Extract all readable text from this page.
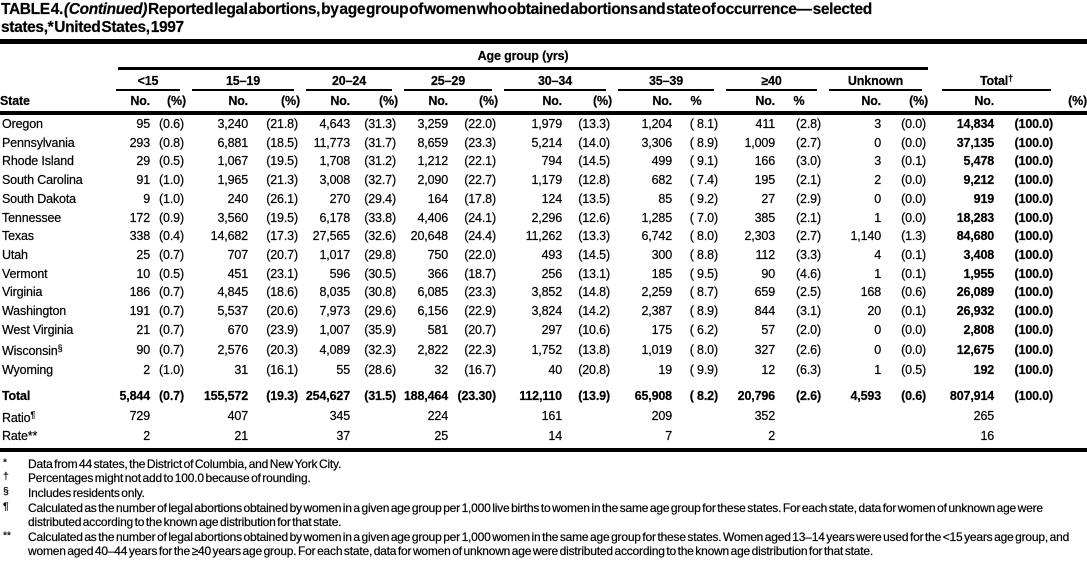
TABLE 4. (Continued) Reported legal abortions, by age group of women who obtained abortions and state of occurrence— selected
states,* United States, 1997

	Age group (yrs)																	

	<15		15–19		20–24		25–29		30–34		35–39		≥40		Unknown		Total†

State	No.	(%)	No.	(%)	No.	(%)	No.	(%)	No.	(%)	No.	%	No.	%	No.	(%)	No.	(%)
Oregon	95	(0.6)	3,240	(21.8)	4,643	(31.3)	3,259	(22.0)	1,979	(13.3)	1,204	( 8.1)	411	(2.8)	3	(0.0)	14,834	(100.0)
Pennsylvania	293	(0.8)	6,881	(18.5)	11,773	(31.7)	8,659	(23.3)	5,214	(14.0)	3,306	( 8.9)	1,009	(2.7)	0	(0.0)	37,135	(100.0)
Rhode Island	29	(0.5)	1,067	(19.5)	1,708	(31.2)	1,212	(22.1)	794	(14.5)	499	( 9.1)	166	(3.0)	3	(0.1)	5,478	(100.0)
South Carolina	91	(1.0)	1,965	(21.3)	3,008	(32.7)	2,090	(22.7)	1,179	(12.8)	682	( 7.4)	195	(2.1)	2	(0.0)	9,212	(100.0)
South Dakota	9	(1.0)	240	(26.1)	270	(29.4)	164	(17.8)	124	(13.5)	85	( 9.2)	27	(2.9)	0	(0.0)	919	(100.0)
Tennessee	172	(0.9)	3,560	(19.5)	6,178	(33.8)	4,406	(24.1)	2,296	(12.6)	1,285	( 7.0)	385	(2.1)	1	(0.0)	18,283	(100.0)
Texas	338	(0.4)	14,682	(17.3)	27,565	(32.6)	20,648	(24.4)	11,262	(13.3)	6,742	( 8.0)	2,303	(2.7)	1,140	(1.3)	84,680	(100.0)
Utah	25	(0.7)	707	(20.7)	1,017	(29.8)	750	(22.0)	493	(14.5)	300	( 8.8)	112	(3.3)	4	(0.1)	3,408	(100.0)
Vermont	10	(0.5)	451	(23.1)	596	(30.5)	366	(18.7)	256	(13.1)	185	( 9.5)	90	(4.6)	1	(0.1)	1,955	(100.0)
Virginia	186	(0.7)	4,845	(18.6)	8,035	(30.8)	6,085	(23.3)	3,852	(14.8)	2,259	( 8.7)	659	(2.5)	168	(0.6)	26,089	(100.0)
Washington	191	(0.7)	5,537	(20.6)	7,973	(29.6)	6,156	(22.9)	3,824	(14.2)	2,387	( 8.9)	844	(3.1)	20	(0.1)	26,932	(100.0)
West Virginia	21	(0.7)	670	(23.9)	1,007	(35.9)	581	(20.7)	297	(10.6)	175	( 6.2)	57	(2.0)	0	(0.0)	2,808	(100.0)
Wisconsin§	90	(0.7)	2,576	(20.3)	4,089	(32.3)	2,822	(22.3)	1,752	(13.8)	1,019	( 8.0)	327	(2.6)	0	(0.0)	12,675	(100.0)
Wyoming	2	(1.0)	31	(16.1)	55	(28.6)	32	(16.7)	40	(20.8)	19	( 9.9)	12	(6.3)	1	(0.5)	192	(100.0)

Total	5,844	(0.7)	155,572	(19.3)	254,627	(31.5)	188,464	(23.30)	112,110	(13.9)	65,908	( 8.2)	20,796	(2.6)	4,593	(0.6)	807,914	(100.0)
Ratio¶	729		407		345		224		161		209		352				265	
Rate**	2		21		37		25		14		7		2				16	
*	Data from 44 states, the District of Columbia, and New York City.
†	Percentages might not add to 100.0 because of rounding.
§	Includes residents only.
¶	Calculated as the number of legal abortions obtained by women in a given age group per 1,000 live births to women in the same age group for these states. For each state, data for women of unknown age were distributed according to the known age distribution for that state.
**	Calculated as the number of legal abortions obtained by women in a given age group per 1,000 women in the same age group for these states. Women aged 13–14 years were used for the <15 years age group, and women aged 40–44 years for the ≥40 years age group. For each state, data for women of unknown age were distributed according to the known age distribution for that state.
